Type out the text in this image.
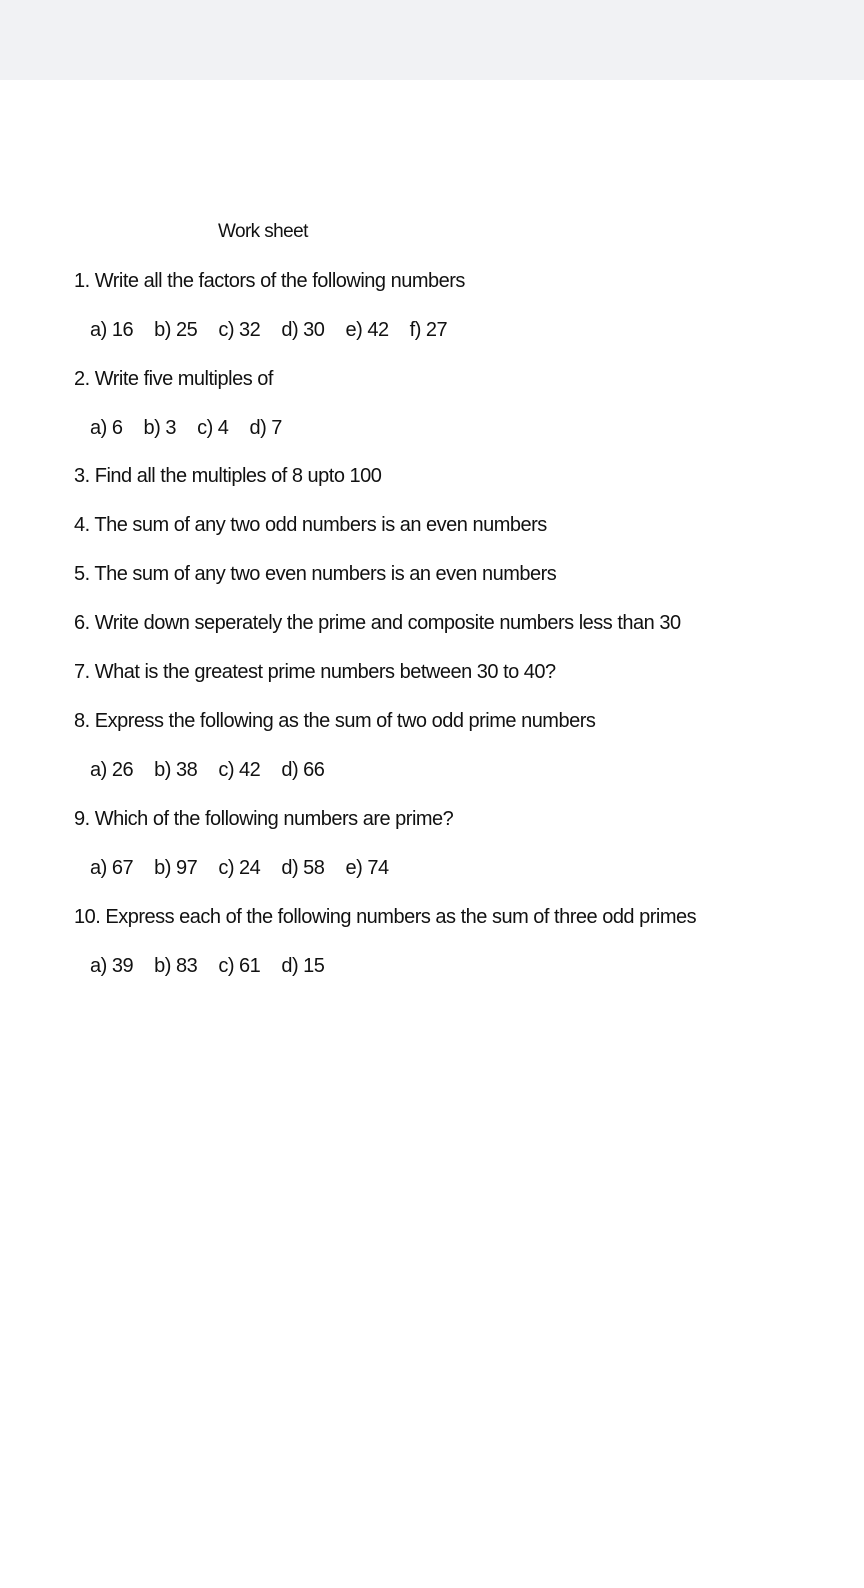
Work sheet
1. Write all the factors of the following numbers
a) 16 b) 25 c) 32 d) 30 e) 42 f) 27
2. Write five multiples of
a) 6 b) 3 c) 4 d) 7
3. Find all the multiples of 8 upto 100
4. The sum of any two odd numbers is an even numbers
5. The sum of any two even numbers is an even numbers
6. Write down seperately the prime and composite numbers less than 30
7. What is the greatest prime numbers between 30 to 40?
8. Express the following as the sum of two odd prime numbers
a) 26 b) 38 c) 42 d) 66
9. Which of the following numbers are prime?
a) 67 b) 97 c) 24 d) 58 e) 74
10. Express each of the following numbers as the sum of three odd primes
a) 39 b) 83 c) 61 d) 15
